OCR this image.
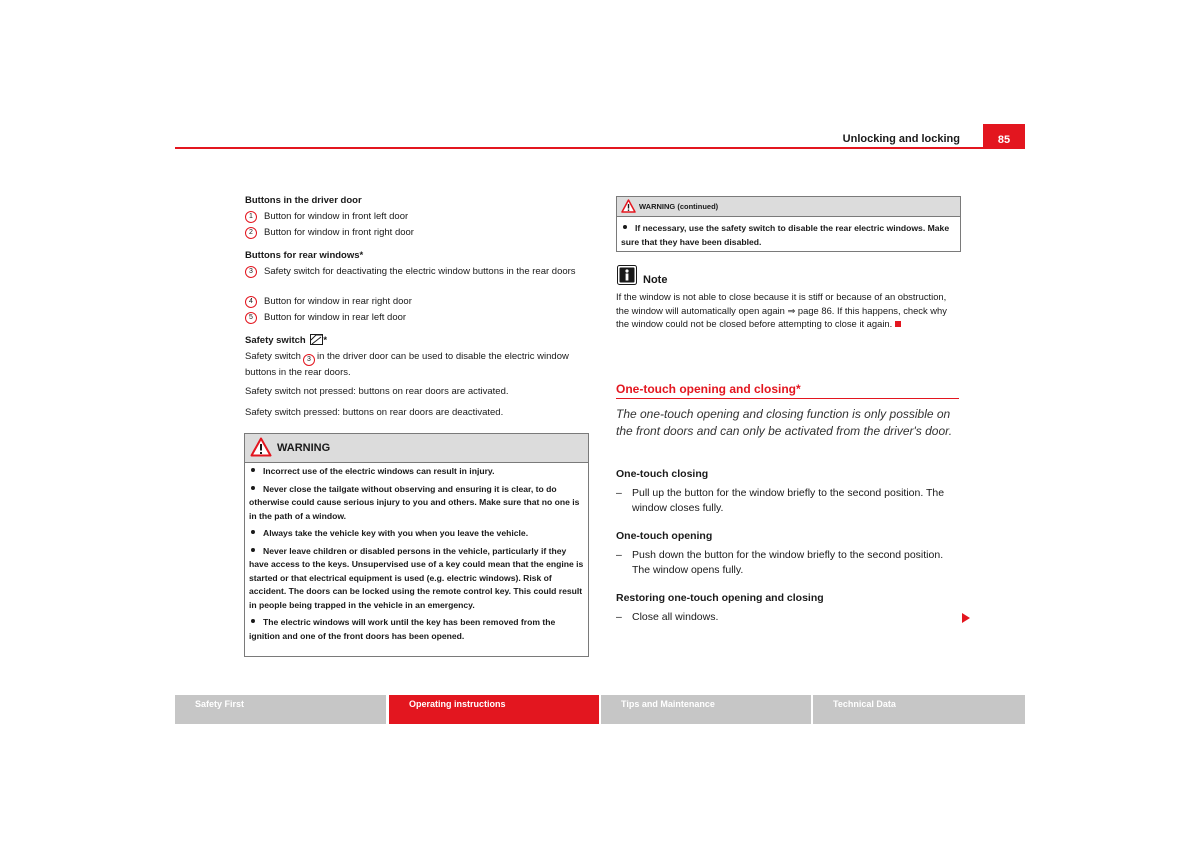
Unlocking and locking	85
Buttons in the driver door
1	Button for window in front left door
2	Button for window in front right door
Buttons for rear windows*
3	Safety switch for deactivating the electric window buttons in the rear doors
4	Button for window in rear right door
5	Button for window in rear left door
Safety switch *
Safety switch 3 in the driver door can be used to disable the electric window buttons in the rear doors.
Safety switch not pressed: buttons on rear doors are activated.
Safety switch pressed: buttons on rear doors are deactivated.
WARNING

Incorrect use of the electric windows can result in injury.

Never close the tailgate without observing and ensuring it is clear, to do otherwise could cause serious injury to you and others. Make sure that no one is in the path of a window.

Always take the vehicle key with you when you leave the vehicle.

Never leave children or disabled persons in the vehicle, particularly if they have access to the keys. Unsupervised use of a key could mean that the engine is started or that electrical equipment is used (e.g. electric windows). Risk of accident. The doors can be locked using the remote control key. This could result in people being trapped in the vehicle in an emergency.

The electric windows will work until the key has been removed from the ignition and one of the front doors has been opened.

WARNING (continued)

If necessary, use the safety switch to disable the rear electric windows. Make sure that they have been disabled.

Note
If the window is not able to close because it is stiff or because of an obstruction, the window will automatically open again ⇒ page 86. If this happens, check why the window could not be closed before attempting to close it again.
One-touch opening and closing*
The one-touch opening and closing function is only possible on the front doors and can only be activated from the driver's door.
One-touch closing
– Pull up the button for the window briefly to the second position. The window closes fully.
One-touch opening
– Push down the button for the window briefly to the second position. The window opens fully.
Restoring one-touch opening and closing
– Close all windows.
Safety First	Operating instructions	Tips and Maintenance	Technical Data
